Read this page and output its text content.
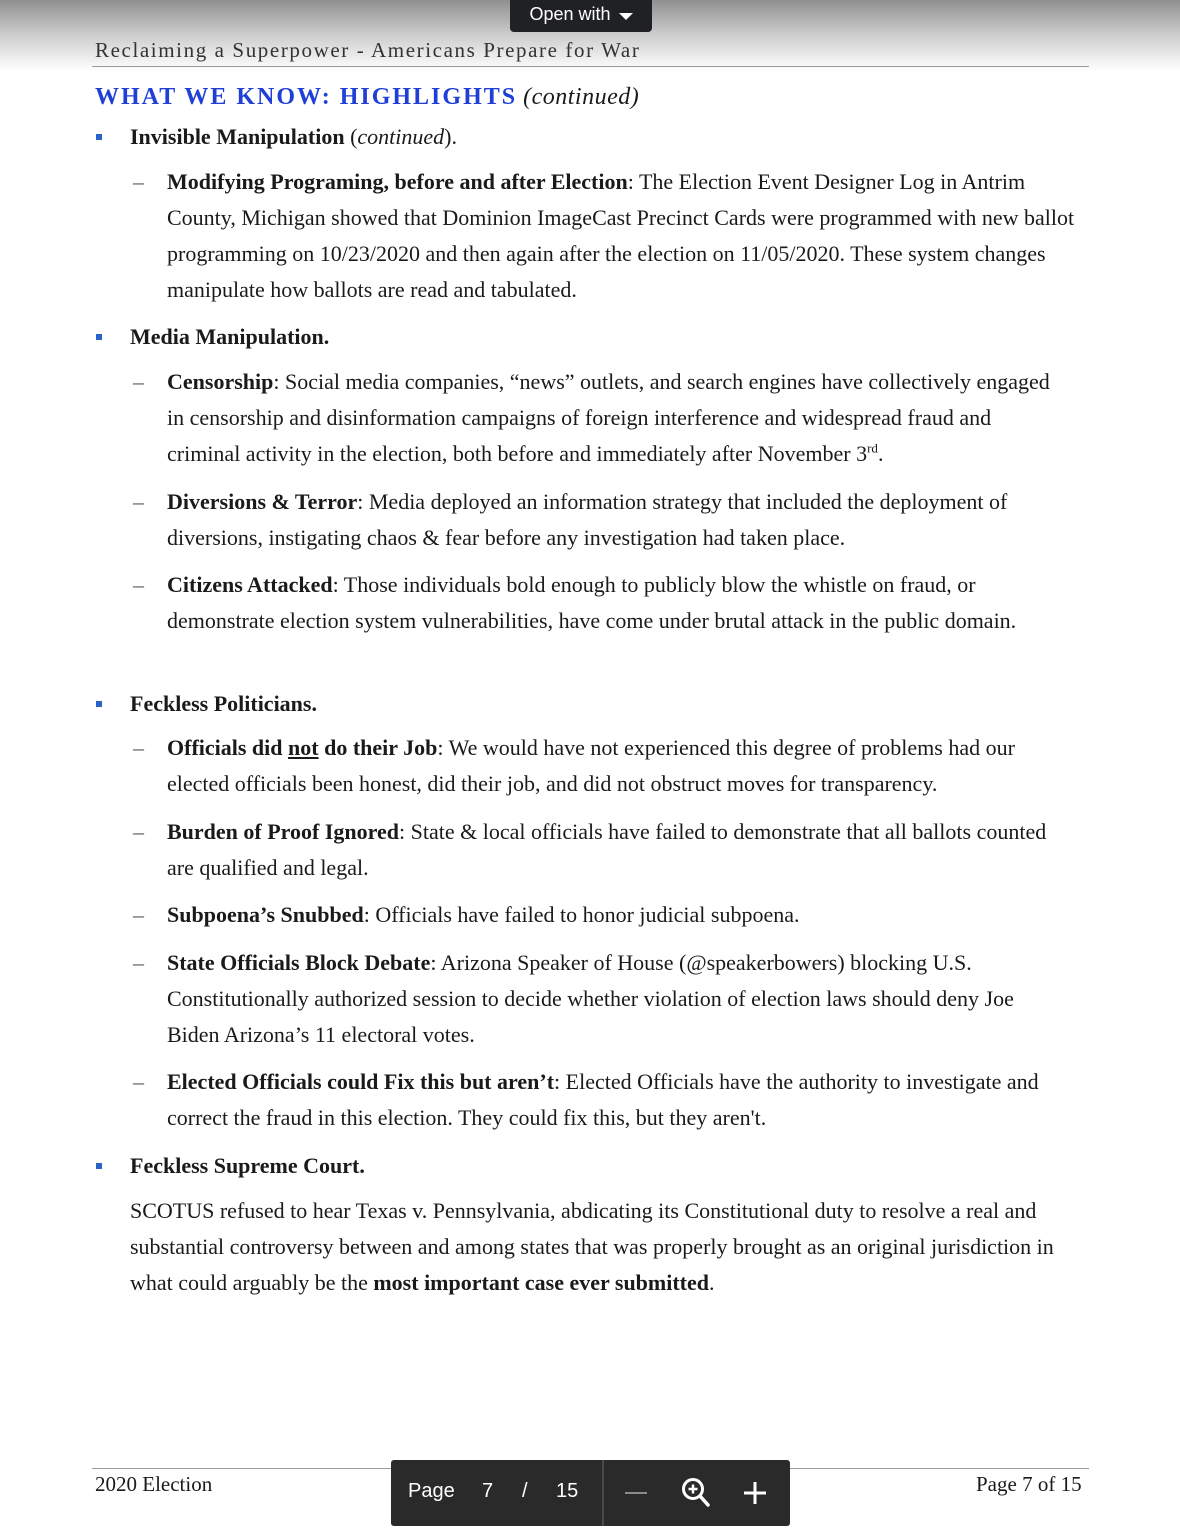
Open with
Reclaiming a Superpower - Americans Prepare for War
WHAT WE KNOW: HIGHLIGHTS (continued)
Invisible Manipulation (continued).
– Modifying Programing, before and after Election: The Election Event Designer Log in Antrim County, Michigan showed that Dominion ImageCast Precinct Cards were programmed with new ballot programming on 10/23/2020 and then again after the election on 11/05/2020. These system changes manipulate how ballots are read and tabulated.
Media Manipulation.
– Censorship: Social media companies, “news” outlets, and search engines have collectively engaged in censorship and disinformation campaigns of foreign interference and widespread fraud and criminal activity in the election, both before and immediately after November 3rd.
– Diversions & Terror: Media deployed an information strategy that included the deployment of diversions, instigating chaos & fear before any investigation had taken place.
– Citizens Attacked: Those individuals bold enough to publicly blow the whistle on fraud, or demonstrate election system vulnerabilities, have come under brutal attack in the public domain.
Feckless Politicians.
– Officials did not do their Job: We would have not experienced this degree of problems had our elected officials been honest, did their job, and did not obstruct moves for transparency.
– Burden of Proof Ignored: State & local officials have failed to demonstrate that all ballots counted are qualified and legal.
– Subpoena’s Snubbed: Officials have failed to honor judicial subpoena.
– State Officials Block Debate: Arizona Speaker of House (@speakerbowers) blocking U.S. Constitutionally authorized session to decide whether violation of election laws should deny Joe Biden Arizona’s 11 electoral votes.
– Elected Officials could Fix this but aren’t: Elected Officials have the authority to investigate and correct the fraud in this election. They could fix this, but they aren't.
Feckless Supreme Court.
SCOTUS refused to hear Texas v. Pennsylvania, abdicating its Constitutional duty to resolve a real and substantial controversy between and among states that was properly brought as an original jurisdiction in what could arguably be the most important case ever submitted.
2020 Election	Page 7 of 15
Page 7 / 15
